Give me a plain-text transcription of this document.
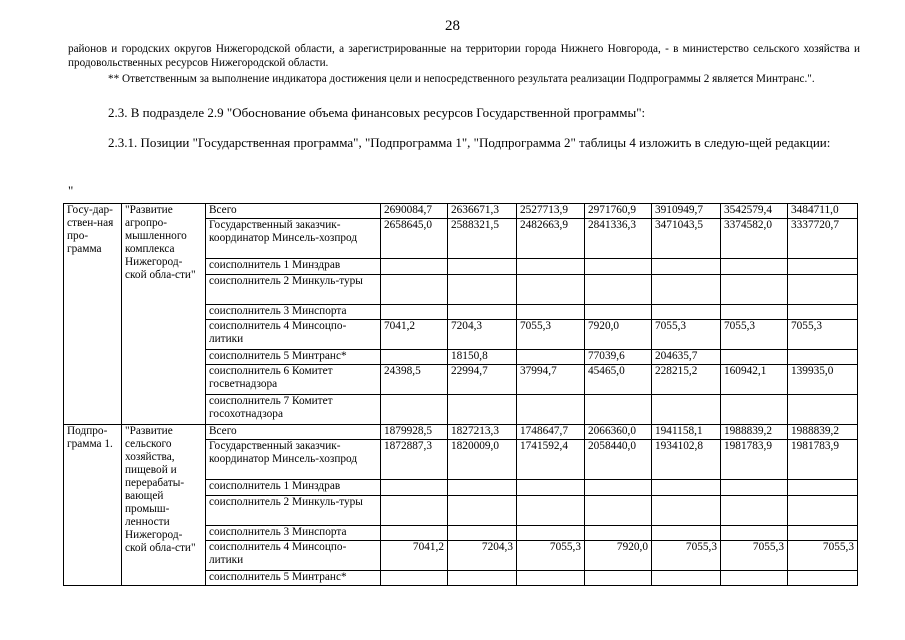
28
районов и городских округов Нижегородской области, а зарегистрированные на территории города Нижнего Новгорода, - в министерство сельского хозяйства и продовольственных ресурсов Нижегородской области.
** Ответственным за выполнение индикатора достижения цели и непосредственного результата реализации Подпрограммы 2 является Минтранс.".
2.3. В подразделе 2.9 "Обоснование объема финансовых ресурсов Государственной программы":
2.3.1. Позиции "Государственная программа", "Подпрограмма 1", "Подпрограмма 2" таблицы 4 изложить в следую-щей редакции:
"
Госу-дар-ствен-ная про-грамма	"Развитие агропро-мышленного комплекса Нижегород-ской обла-сти"	Всего	2690084,7	2636671,3	2527713,9	2971760,9	3910949,7	3542579,4	3484711,0
		Государственный заказчик-координатор Минсель-хозпрод	2658645,0	2588321,5	2482663,9	2841336,3	3471043,5	3374582,0	3337720,7
		соисполнитель 1 Минздрав							
		соисполнитель 2 Минкуль-туры							
		соисполнитель 3 Минспорта							
		соисполнитель 4 Минсоцпо-литики	7041,2	7204,3	7055,3	7920,0	7055,3	7055,3	7055,3
		соисполнитель 5 Минтранс*		18150,8		77039,6	204635,7		
		соисполнитель 6 Комитет госветнадзора	24398,5	22994,7	37994,7	45465,0	228215,2	160942,1	139935,0
		соисполнитель 7 Комитет госохотнадзора							
Подпро-грамма 1.	"Развитие сельского хозяйства, пищевой и перерабаты-вающей промыш-ленности Нижегород-ской обла-сти"	Всего	1879928,5	1827213,3	1748647,7	2066360,0	1941158,1	1988839,2	1988839,2
		Государственный заказчик-координатор Минсель-хозпрод	1872887,3	1820009,0	1741592,4	2058440,0	1934102,8	1981783,9	1981783,9
		соисполнитель 1 Минздрав							
		соисполнитель 2 Минкуль-туры							
		соисполнитель 3 Минспорта							
		соисполнитель 4 Минсоцпо-литики	7041,2	7204,3	7055,3	7920,0	7055,3	7055,3	7055,3
		соисполнитель 5 Минтранс*							
